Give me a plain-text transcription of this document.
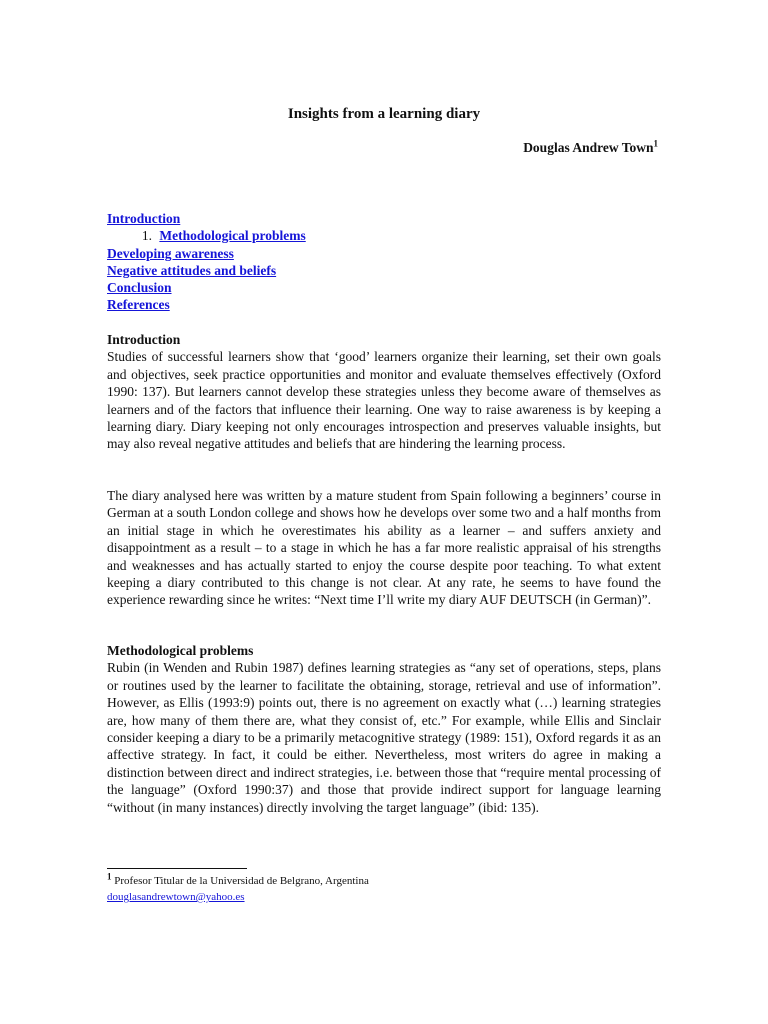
Insights from a learning diary
Douglas Andrew Town$^1$
Introduction
1. Methodological problems
Developing awareness
Negative attitudes and beliefs
Conclusion
References
Introduction

Studies of successful learners show that ‘good’ learners organize their learning, set their own goals and objectives, seek practice opportunities and monitor and evaluate themselves effectively (Oxford 1990: 137). But learners cannot develop these strategies unless they become aware of themselves as learners and of the factors that influence their learning. One way to raise awareness is by keeping a learning diary. Diary keeping not only encourages introspection and preserves valuable insights, but may also reveal negative attitudes and beliefs that are hindering the learning process.

The diary analysed here was written by a mature student from Spain following a beginners’ course in German at a south London college and shows how he develops over some two and a half months from an initial stage in which he overestimates his ability as a learner – and suffers anxiety and disappointment as a result – to a stage in which he has a far more realistic appraisal of his strengths and weaknesses and has actually started to enjoy the course despite poor teaching. To what extent keeping a diary contributed to this change is not clear. At any rate, he seems to have found the experience rewarding since he writes: “Next time I’ll write my diary AUF DEUTSCH (in German)”.

Methodological problems

Rubin (in Wenden and Rubin 1987) defines learning strategies as “any set of operations, steps, plans or routines used by the learner to facilitate the obtaining, storage, retrieval and use of information”. However, as Ellis (1993:9) points out, there is no agreement on exactly what (…) learning strategies are, how many of them there are, what they consist of, etc.” For example, while Ellis and Sinclair consider keeping a diary to be a primarily metacognitive strategy (1989: 151), Oxford regards it as an affective strategy. In fact, it could be either. Nevertheless, most writers do agree in making a distinction between direct and indirect strategies, i.e. between those that “require mental processing of the language” (Oxford 1990:37) and those that provide indirect support for language learning “without (in many instances) directly involving the target language” (ibid: 135).

$^1$ Profesor Titular de la Universidad de Belgrano, Argentina
douglasandrewtown@yahoo.es
